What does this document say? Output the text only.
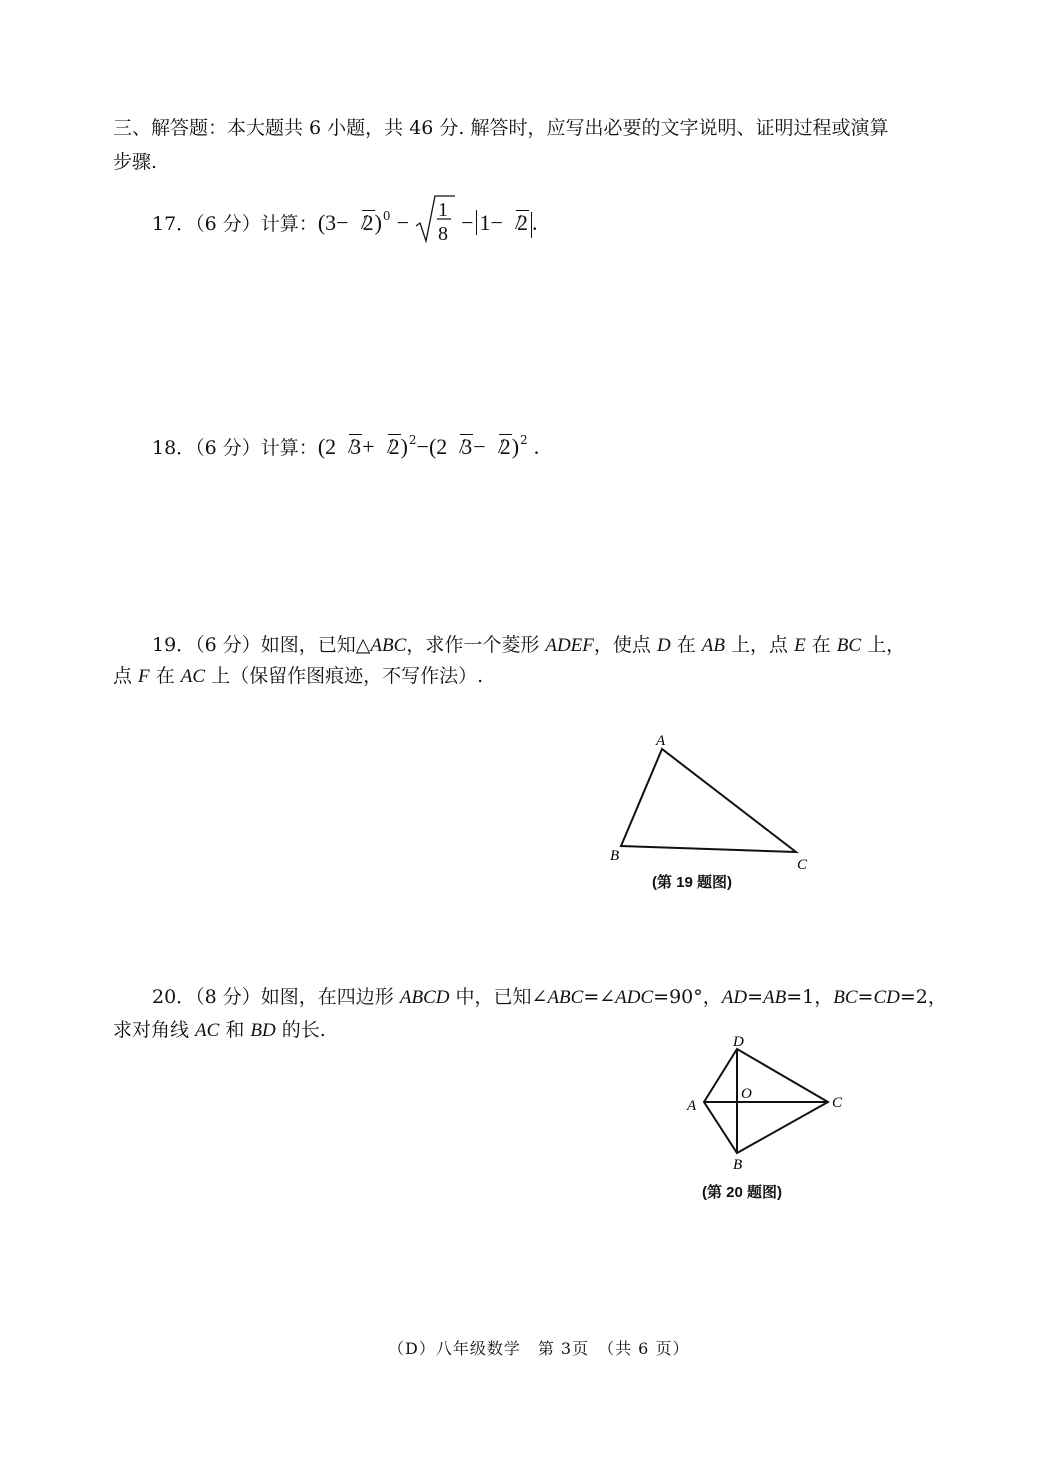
三、解答题：本大题共 6 小题，共 46 分. 解答时，应写出必要的文字说明、证明过程或演算
步骤.
17．（6 分）计算：$(3- 2)^0 - 1$
8 − 1− 2 .
18．（6 分）计算：(2 3+ 2)$^2$−(2 3− 2)$^2$ .
19．（6 分）如图，已知△ABC，求作一个菱形 ADEF，使点 D 在 AB 上，点 E 在 BC 上，
点 F 在 AC 上（保留作图痕迹，不写作法）.
A
B
C
(第 19 题图)
20．（8 分）如图，在四边形 ABCD 中，已知∠ABC=∠ADC=90°，AD=AB=1，BC=CD=2，
求对角线 AC 和 BD 的长.
D
A
O
C
B
(第 20 题图)
（D）八年级数学　第 3页　（共 6 页）
